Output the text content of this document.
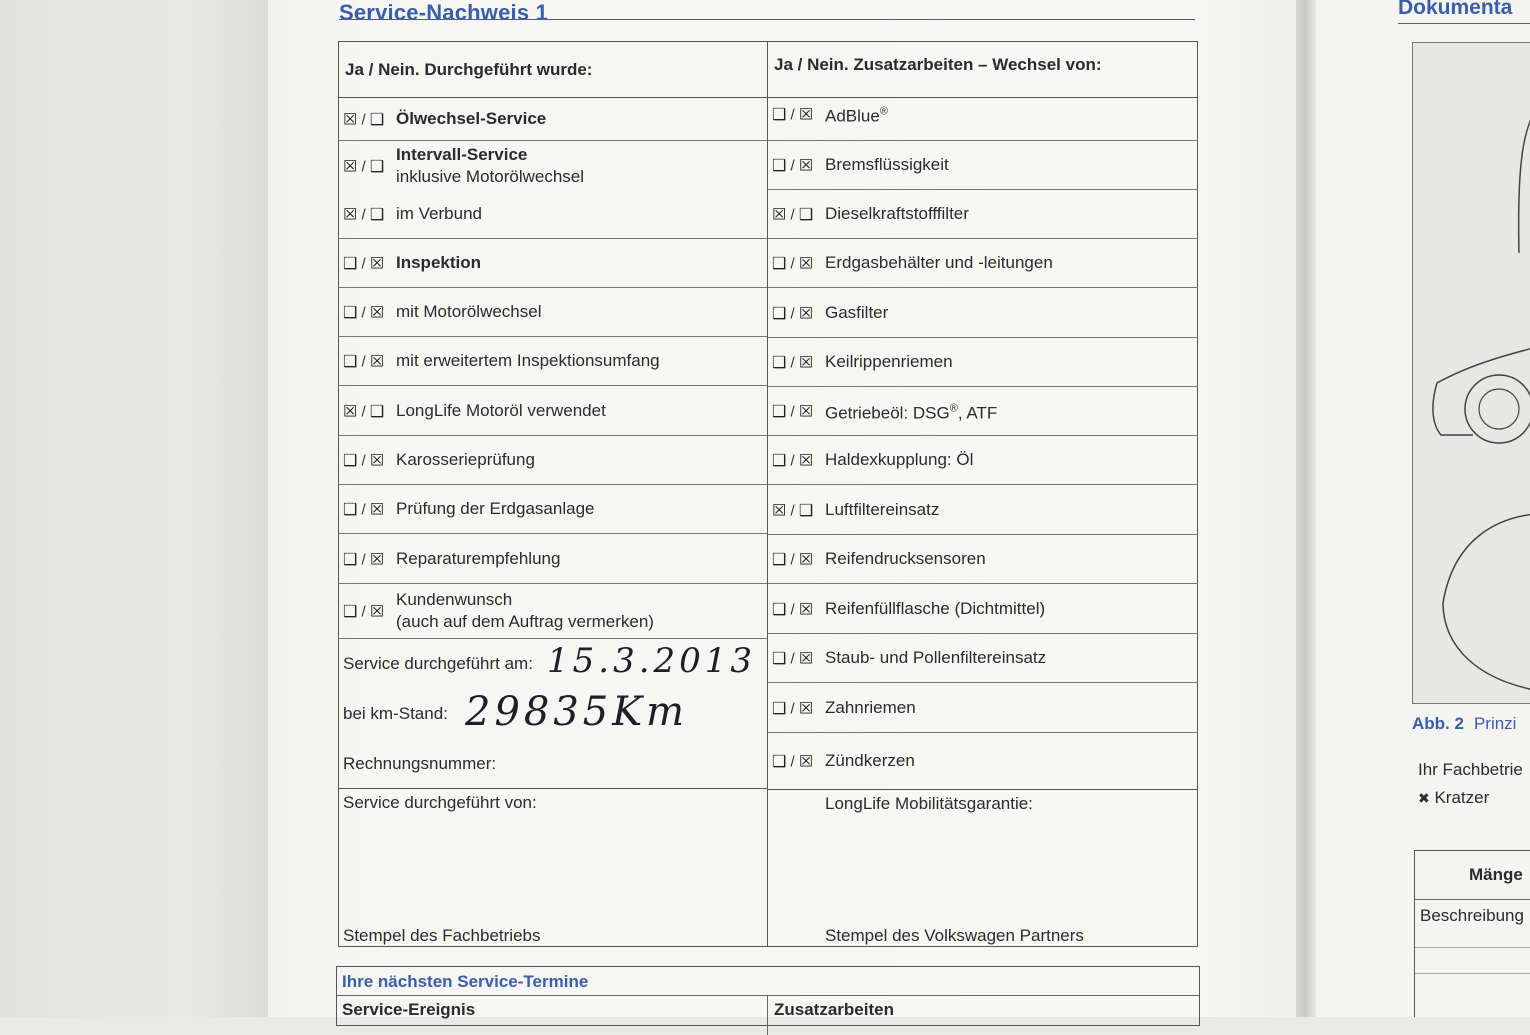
Service-Nachweis 1
Ja / Nein. Durchgeführt wurde:
☒ / ❑ Ölwechsel-Service
☒ / ❑
Intervall-Service
inklusive Motorölwechsel
☒ / ❑ im Verbund
❑ / ☒ Inspektion
❑ / ☒ mit Motorölwechsel
❑ / ☒ mit erweitertem Inspektionsumfang
☒ / ❑ LongLife Motoröl verwendet
❑ / ☒ Karosserieprüfung
❑ / ☒ Prüfung der Erdgasanlage
❑ / ☒ Reparaturempfehlung
❑ / ☒
Kundenwunsch
(auch auf dem Auftrag vermerken)
Service durchgeführt am: 15.3.2013
bei km-Stand: 29835Km
Rechnungsnummer:
Service durchgeführt von:
Stempel des Fachbetriebs
Ja / Nein. Zusatzarbeiten – Wechsel von:
❑ / ☒ AdBlue®
❑ / ☒ Bremsflüssigkeit
☒ / ❑ Dieselkraftstofffilter
❑ / ☒ Erdgasbehälter und -leitungen
❑ / ☒ Gasfilter
❑ / ☒ Keilrippenriemen
❑ / ☒ Getriebeöl: DSG®, ATF
❑ / ☒ Haldexkupplung: Öl
☒ / ❑ Luftfiltereinsatz
❑ / ☒ Reifendrucksensoren
❑ / ☒ Reifenfüllflasche (Dichtmittel)
❑ / ☒ Staub- und Pollenfiltereinsatz
❑ / ☒ Zahnriemen
❑ / ☒ Zündkerzen
LongLife Mobilitätsgarantie:
Stempel des Volkswagen Partners
Ihre nächsten Service-Termine
Service-Ereignis	Zusatzarbeiten
Dokumenta
Abb. 2 Prinzi
Ihr Fachbetrie
✖ Kratzer
Mänge
Beschreibung
